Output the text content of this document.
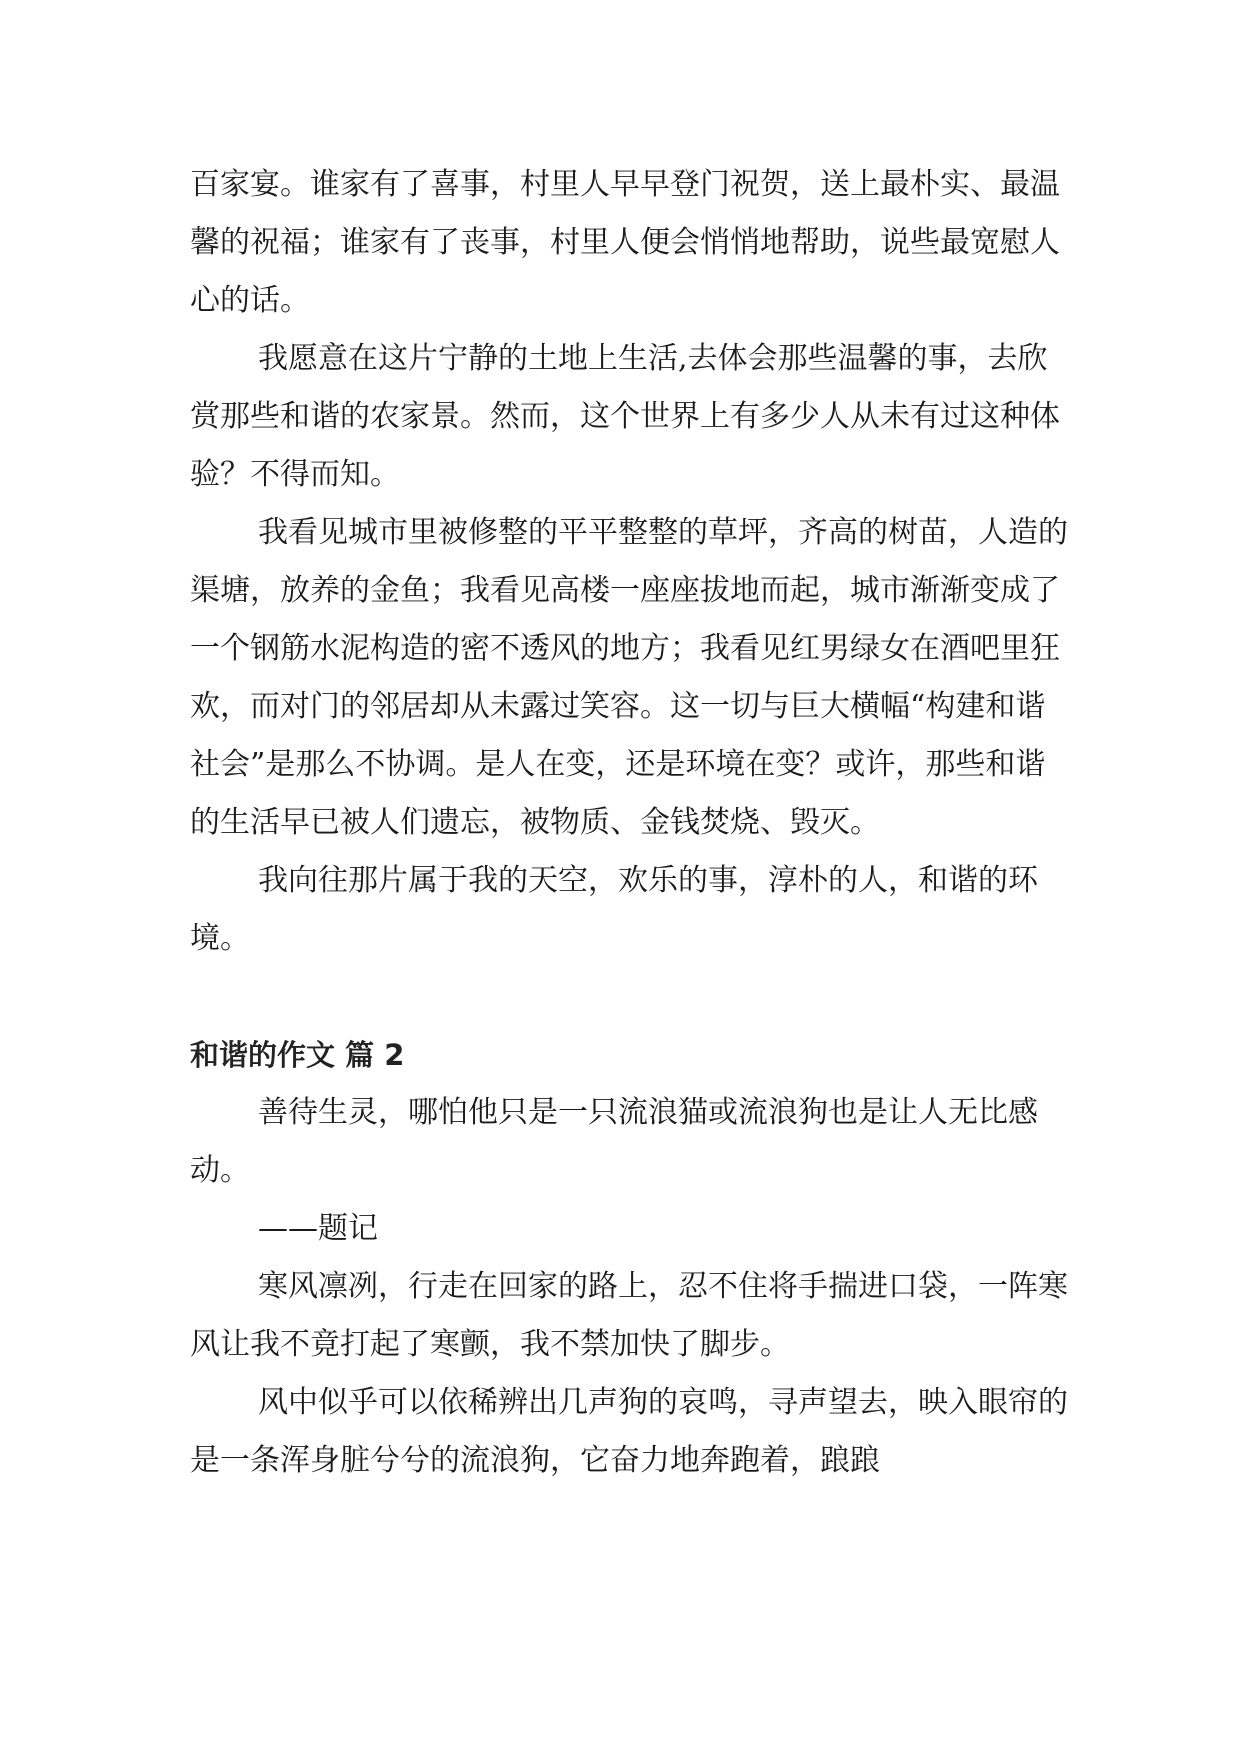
百家宴。谁家有了喜事，村里人早早登门祝贺，送上最朴实、最温馨的祝福；谁家有了丧事，村里人便会悄悄地帮助，说些最宽慰人心的话。

我愿意在这片宁静的土地上生活,去体会那些温馨的事，去欣赏那些和谐的农家景。然而，这个世界上有多少人从未有过这种体验？不得而知。

我看见城市里被修整的平平整整的草坪，齐高的树苗，人造的渠塘，放养的金鱼；我看见高楼一座座拔地而起，城市渐渐变成了一个钢筋水泥构造的密不透风的地方；我看见红男绿女在酒吧里狂欢，而对门的邻居却从未露过笑容。这一切与巨大横幅“构建和谐社会”是那么不协调。是人在变，还是环境在变？或许，那些和谐的生活早已被人们遗忘，被物质、金钱焚烧、毁灭。

我向往那片属于我的天空，欢乐的事，淳朴的人，和谐的环境。

和谐的作文 篇 2

善待生灵，哪怕他只是一只流浪猫或流浪狗也是让人无比感动。

——题记

寒风凛冽，行走在回家的路上，忍不住将手揣进口袋，一阵寒风让我不竟打起了寒颤，我不禁加快了脚步。

风中似乎可以依稀辨出几声狗的哀鸣，寻声望去，映入眼帘的是一条浑身脏兮兮的流浪狗，它奋力地奔跑着，踉踉
